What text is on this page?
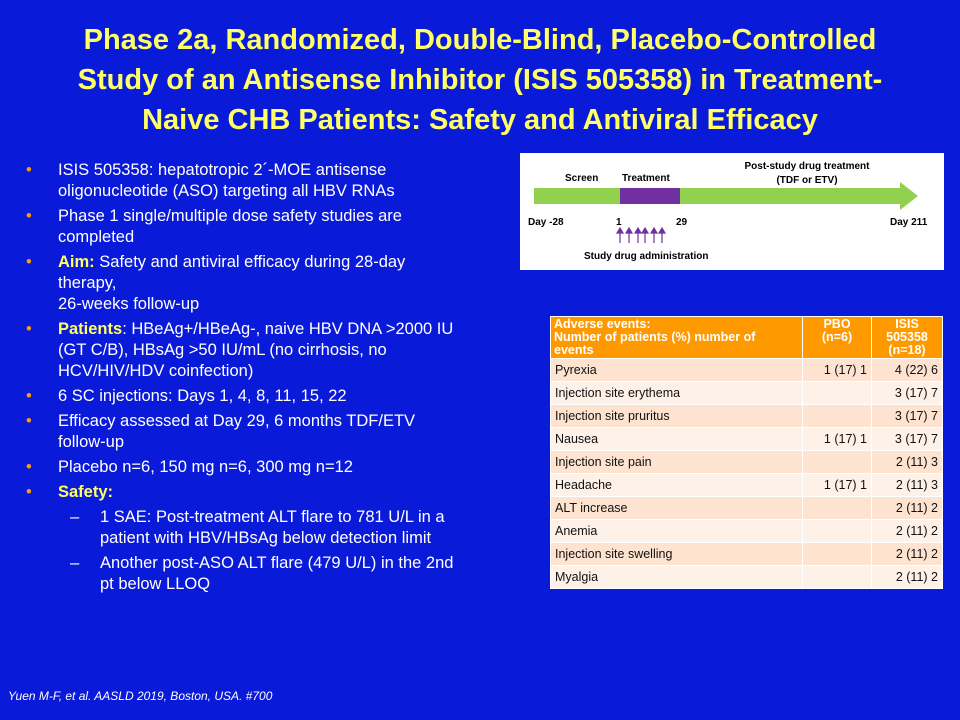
Phase 2a, Randomized, Double-Blind, Placebo-Controlled
Study of an Antisense Inhibitor (ISIS 505358) in Treatment-
Naive CHB Patients: Safety and Antiviral Efficacy
• ISIS 505358: hepatotropic 2´-MOE antisense
oligonucleotide (ASO) targeting all HBV RNAs
• Phase 1 single/multiple dose safety studies are
completed
• Aim: Safety and antiviral efficacy during 28-day
therapy,
26-weeks follow-up
• Patients: HBeAg+/HBeAg-, naive HBV DNA >2000 IU
(GT C/B), HBsAg >50 IU/mL (no cirrhosis, no
HCV/HIV/HDV coinfection)
• 6 SC injections: Days 1, 4, 8, 11, 15, 22
• Efficacy assessed at Day 29, 6 months TDF/ETV
follow-up
• Placebo n=6, 150 mg n=6, 300 mg n=12
• Safety:
– 1 SAE: Post-treatment ALT flare to 781 U/L in a
patient with HBV/HBsAg below detection limit
– Another post-ASO ALT flare (479 U/L) in the 2nd
pt below LLOQ
Screen Treatment
Post-study drug treatment
(TDF or ETV)
Day -28	1	29	Day 211
Study drug administration
Adverse events:
Number of patients (%) number of
events	PBO
(n=6)	ISIS
505358
(n=18)

Pyrexia	1 (17) 1	4 (22) 6
Injection site erythema		3 (17) 7
Injection site pruritus		3 (17) 7
Nausea	1 (17) 1	3 (17) 7
Injection site pain		2 (11) 3
Headache	1 (17) 1	2 (11) 3
ALT increase		2 (11) 2
Anemia		2 (11) 2
Injection site swelling		2 (11) 2
Myalgia		2 (11) 2
Yuen M-F, et al. AASLD 2019, Boston, USA. #700
